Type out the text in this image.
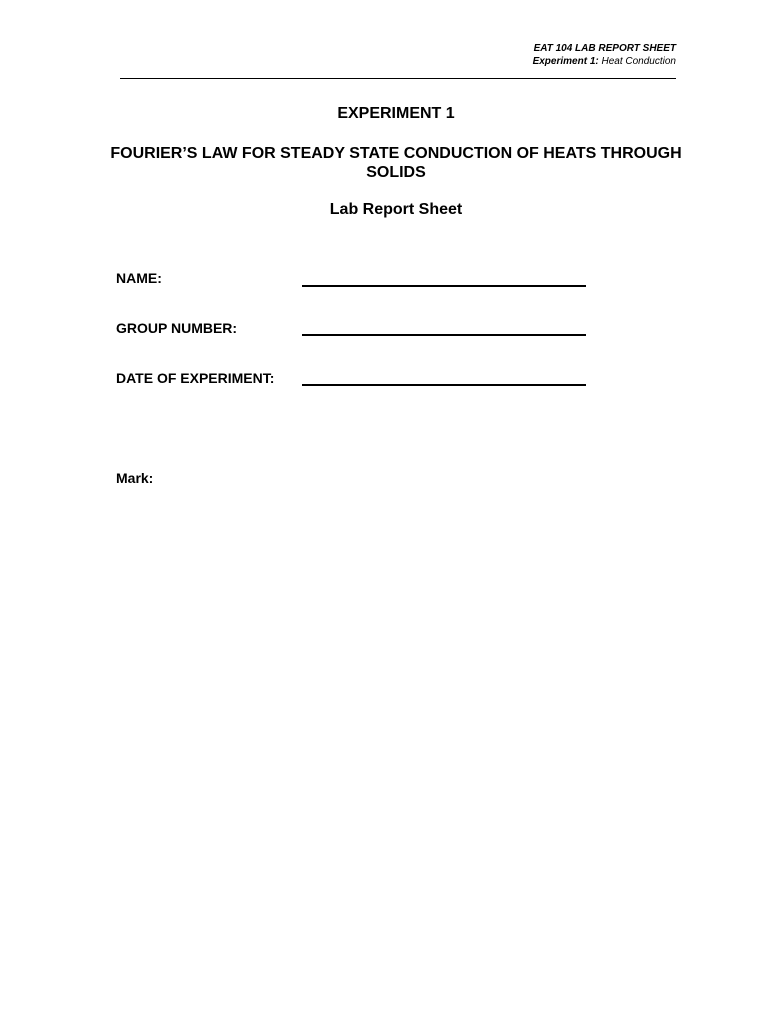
EAT 104 LAB REPORT SHEET
Experiment 1: Heat Conduction
EXPERIMENT 1
FOURIER’S LAW FOR STEADY STATE CONDUCTION OF HEATS THROUGH SOLIDS
Lab Report Sheet
NAME:
GROUP NUMBER:
DATE OF EXPERIMENT:
Mark:
